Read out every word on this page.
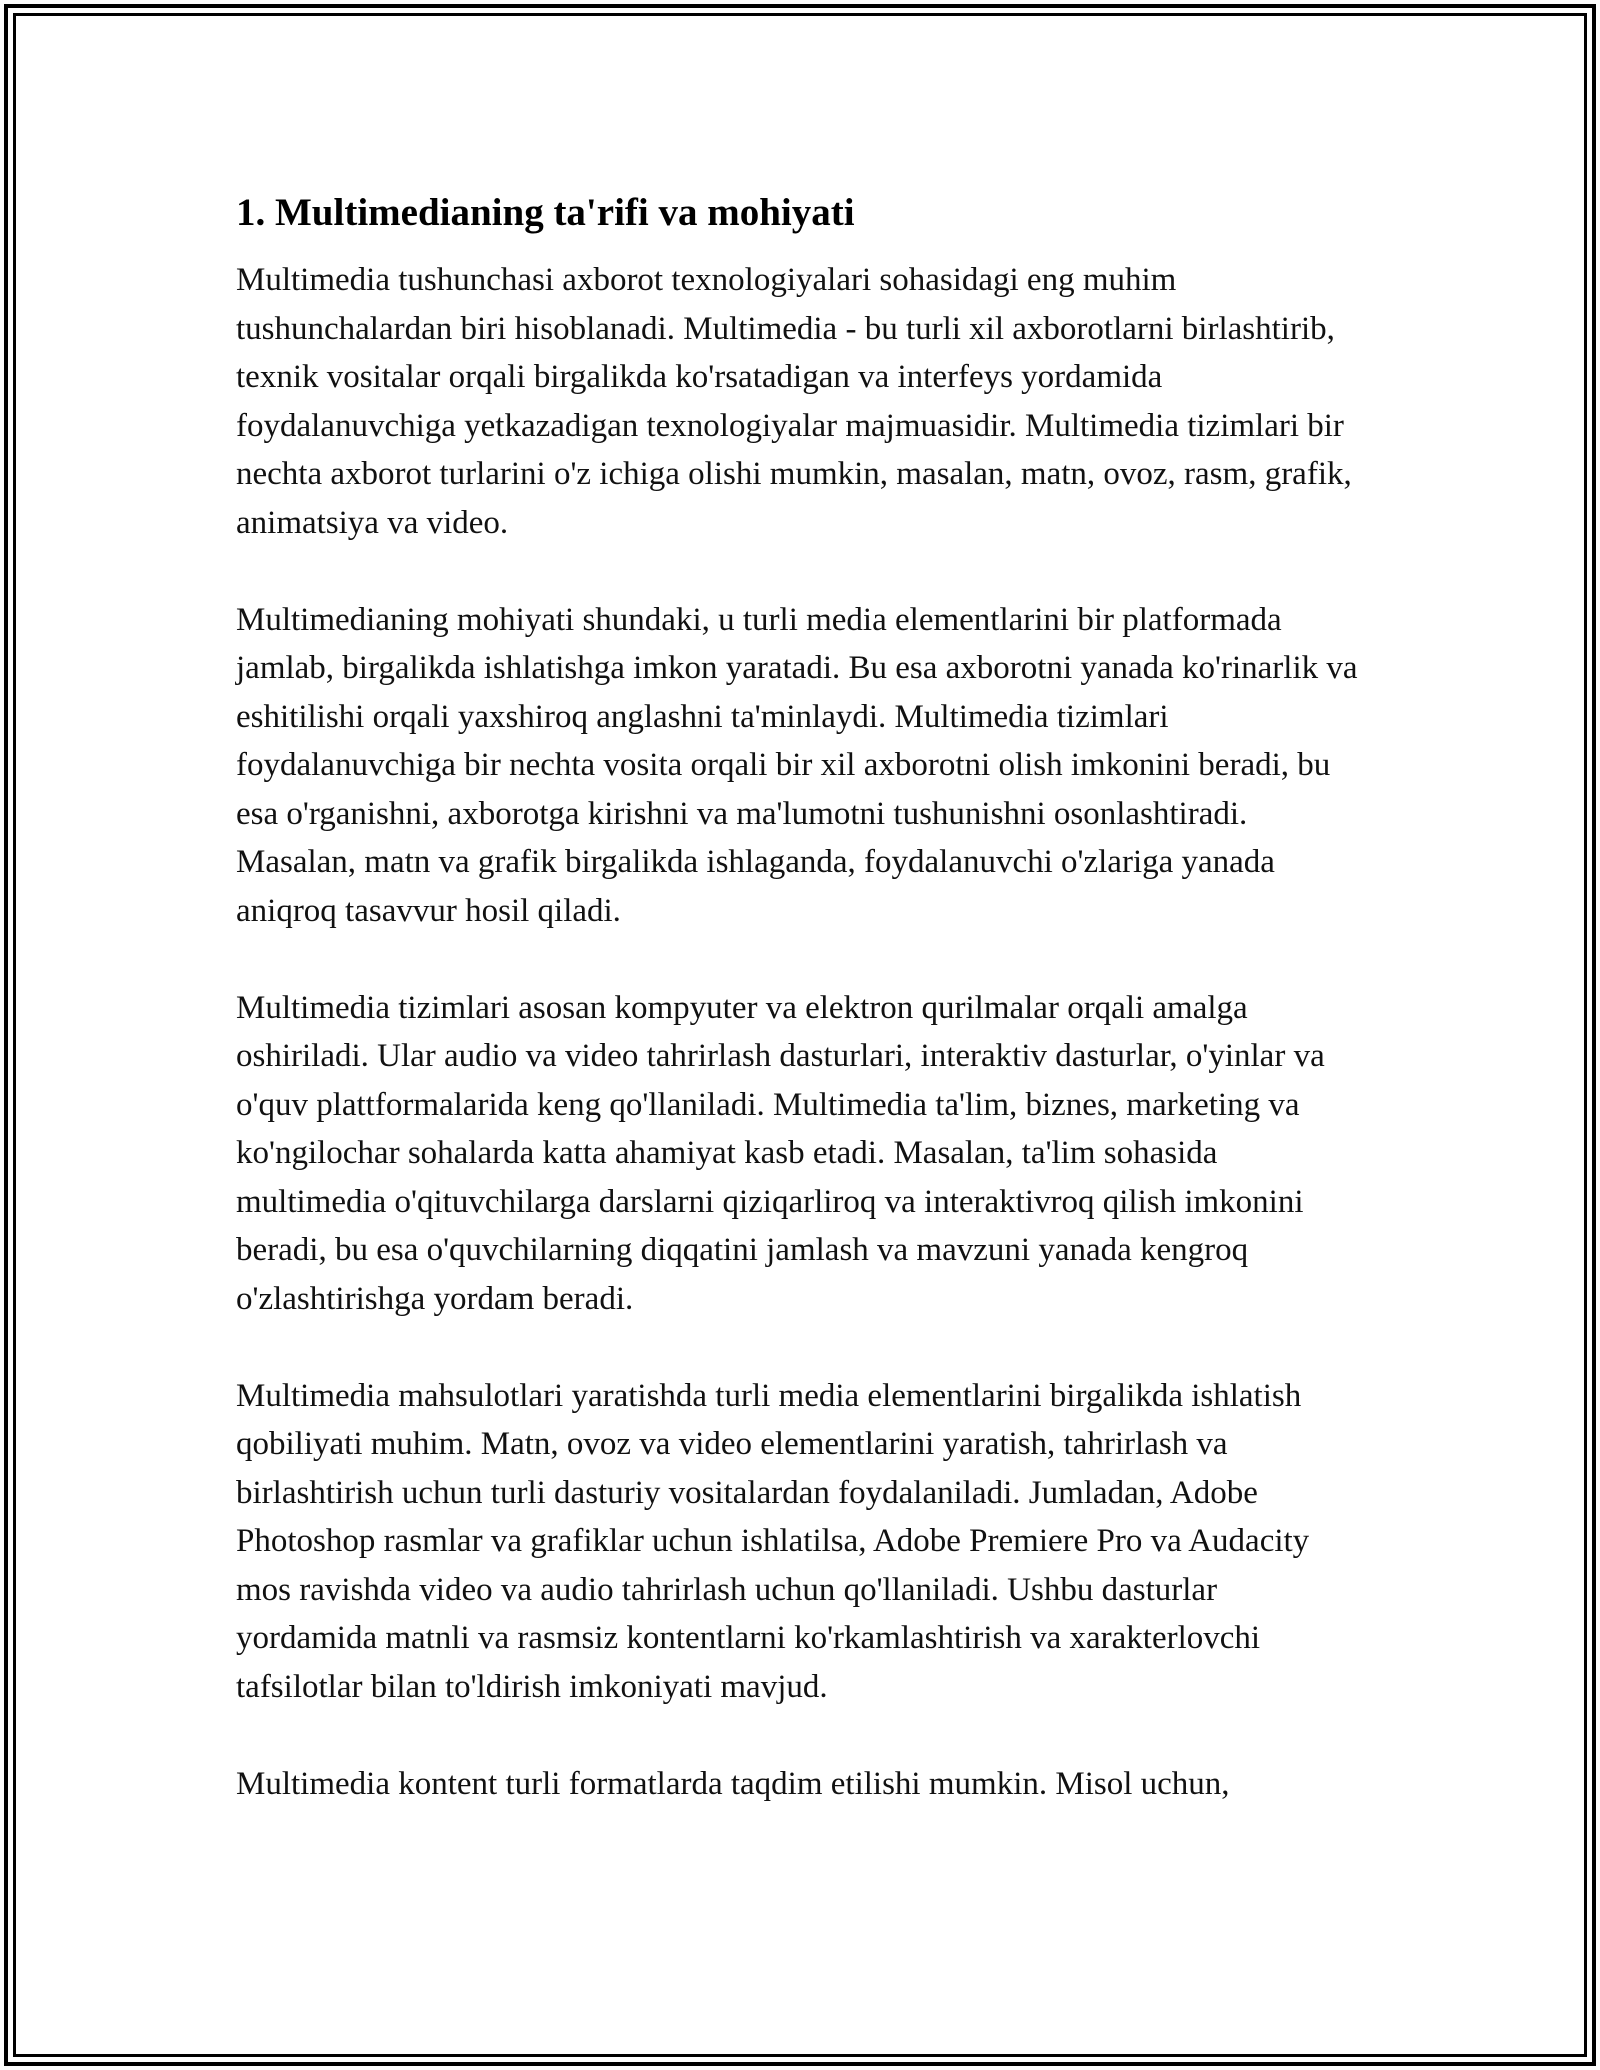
1. Multimedianing ta'rifi va mohiyati

Multimedia tushunchasi axborot texnologiyalari sohasidagi eng muhim tushunchalardan biri hisoblanadi. Multimedia - bu turli xil axborotlarni birlashtirib, texnik vositalar orqali birgalikda ko'rsatadigan va interfeys yordamida foydalanuvchiga yetkazadigan texnologiyalar majmuasidir. Multimedia tizimlari bir nechta axborot turlarini o'z ichiga olishi mumkin, masalan, matn, ovoz, rasm, grafik, animatsiya va video.

Multimedianing mohiyati shundaki, u turli media elementlarini bir platformada jamlab, birgalikda ishlatishga imkon yaratadi. Bu esa axborotni yanada ko'rinarlik va eshitilishi orqali yaxshiroq anglashni ta'minlaydi. Multimedia tizimlari foydalanuvchiga bir nechta vosita orqali bir xil axborotni olish imkonini beradi, bu esa o'rganishni, axborotga kirishni va ma'lumotni tushunishni osonlashtiradi. Masalan, matn va grafik birgalikda ishlaganda, foydalanuvchi o'zlariga yanada aniqroq tasavvur hosil qiladi.

Multimedia tizimlari asosan kompyuter va elektron qurilmalar orqali amalga oshiriladi. Ular audio va video tahrirlash dasturlari, interaktiv dasturlar, o'yinlar va o'quv plattformalarida keng qo'llaniladi. Multimedia ta'lim, biznes, marketing va ko'ngilochar sohalarda katta ahamiyat kasb etadi. Masalan, ta'lim sohasida multimedia o'qituvchilarga darslarni qiziqarliroq va interaktivroq qilish imkonini beradi, bu esa o'quvchilarning diqqatini jamlash va mavzuni yanada kengroq o'zlashtirishga yordam beradi.

Multimedia mahsulotlari yaratishda turli media elementlarini birgalikda ishlatish qobiliyati muhim. Matn, ovoz va video elementlarini yaratish, tahrirlash va birlashtirish uchun turli dasturiy vositalardan foydalaniladi. Jumladan, Adobe Photoshop rasmlar va grafiklar uchun ishlatilsa, Adobe Premiere Pro va Audacity mos ravishda video va audio tahrirlash uchun qo'llaniladi. Ushbu dasturlar yordamida matnli va rasmsiz kontentlarni ko'rkamlashtirish va xarakterlovchi tafsilotlar bilan to'ldirish imkoniyati mavjud.

Multimedia kontent turli formatlarda taqdim etilishi mumkin. Misol uchun,
